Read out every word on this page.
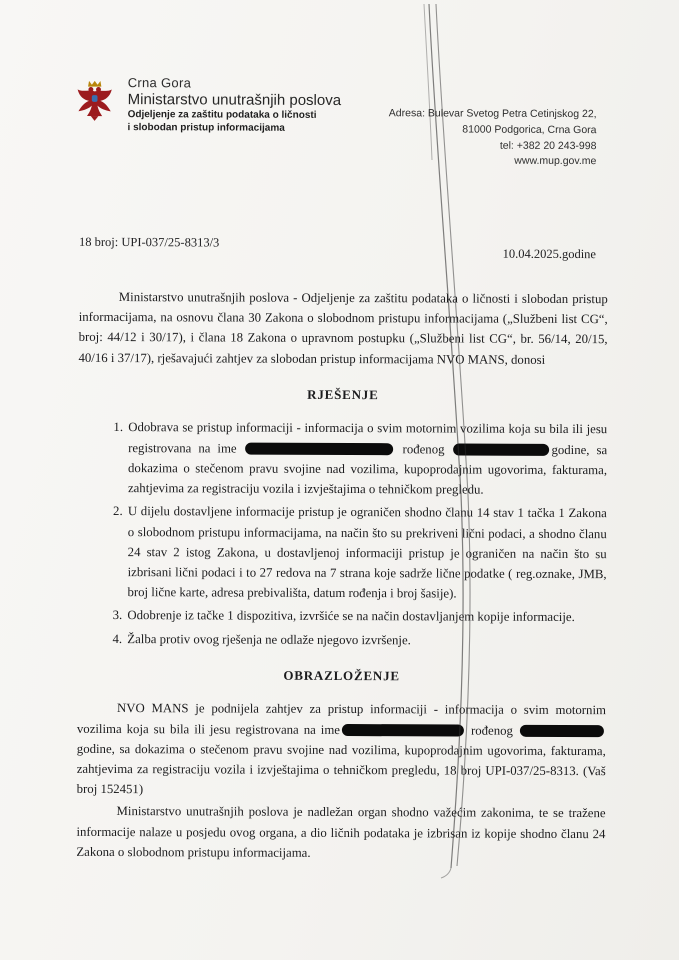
Crna Gora
Ministarstvo unutrašnjih poslova
Odjeljenje za zaštitu podataka o ličnosti
i slobodan pristup informacijama
Adresa: Bulevar Svetog Petra Cetinjskog 22,
81000 Podgorica, Crna Gora
tel: +382 20 243-998
www.mup.gov.me
18 broj: UPI-037/25-8313/3
10.04.2025.godine

Ministarstvo unutrašnjih poslova - Odjeljenje za zaštitu podataka o ličnosti i slobodan pristup informacijama, na osnovu člana 30 Zakona o slobodnom pristupu informacijama („Službeni list CG“, broj: 44/12 i 30/17), i člana 18 Zakona o upravnom postupku („Službeni list CG“, br. 56/14, 20/15, 40/16 i 37/17), rješavajući zahtjev za slobodan pristup informacijama NVO MANS, donosi

RJEŠENJE
1. Odobrava se pristup informaciji - informacija o svim motornim vozilima koja su bila ili jesu registrovana na ime	rođenog	godine, sa dokazima o stečenom pravu svojine nad vozilima, kupoprodajnim ugovorima, fakturama, zahtjevima za registraciju vozila i izvještajima o tehničkom pregledu.
2. U dijelu dostavljene informacije pristup je ograničen shodno članu 14 stav 1 tačka 1 Zakona o slobodnom pristupu informacijama, na način što su prekriveni lični podaci, a shodno članu 24 stav 2 istog Zakona, u dostavljenoj informaciji pristup je ograničen na način što su izbrisani lični podaci i to 27 redova na 7 strana koje sadrže lične podatke ( reg.oznake, JMB, broj lične karte, adresa prebivališta, datum rođenja i broj šasije).
3. Odobrenje iz tačke 1 dispozitiva, izvršiće se na način dostavljanjem kopije informacije.
4. Žalba protiv ovog rješenja ne odlaže njegovo izvršenje.
OBRAZLOŽENJE

NVO MANS je podnijela zahtjev za pristup informaciji - informacija o svim motornim vozilima koja su bila ili jesu registrovana na ime	rođenog godine, sa dokazima o stečenom pravu svojine nad vozilima, kupoprodajnim ugovorima, fakturama, zahtjevima za registraciju vozila i izvještajima o tehničkom pregledu, 18 broj UPI-037/25-8313. (Vaš broj 152451)

Ministarstvo unutrašnjih poslova je nadležan organ shodno važećim zakonima, te se tražene informacije nalaze u posjedu ovog organa, a dio ličnih podataka je izbrisan iz kopije shodno članu 24 Zakona o slobodnom pristupu informacijama.
